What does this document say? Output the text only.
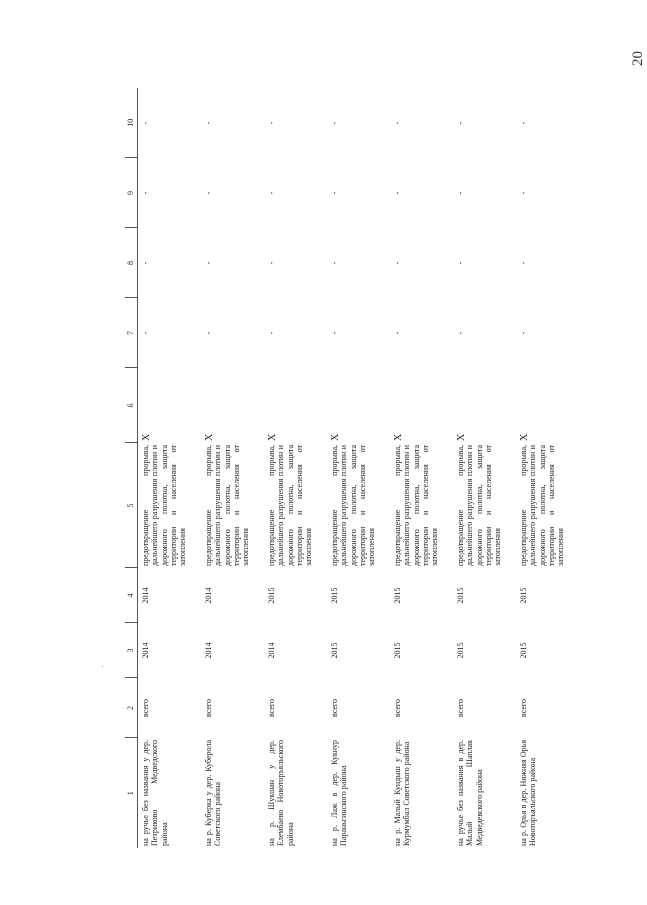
20
1	2	3	4	5	6	7	8	9	10
на ручье без названия у дер. Петриково Медведского района	всего	2014	2014	предотвращение прорыва, дальнейшего разрушения плотин и дорожного полотна, защита территории и населения от затопления	Х	-	-	-	-
на р. Куберка у дер. Куберола Советского района	всего	2014	2014	предотвращение прорыва, дальнейшего разрушения плотин и дорожного полотна, защита территории и населения от затопления	Х	-	-	-	-
на р. Шукшан у дер. Елембаево Новоторъяльского района	всего	2014	2015	предотвращение прорыва, дальнейшего разрушения плотин и дорожного полотна, защита территории и населения от затопления	Х	-	-	-	-
на р. Лаж в дер. Кукнур Параньгинского района	всего	2015	2015	предотвращение прорыва, дальнейшего разрушения плотин и дорожного полотна, защита территории и населения от затопления	Х	-	-	-	-
на р. Малый Кундыш у дер. Курмумбал Советского района	всего	2015	2015	предотвращение прорыва, дальнейшего разрушения плотин и дорожного полотна, защита территории и населения от затопления	Х	-	-	-	-
на ручье без названия в дер. Малый Шаплак Медведевского района	всего	2015	2015	предотвращение прорыва, дальнейшего разрушения плотин и дорожного полотна, защита территории и населения от затопления	Х	-	-	-	-
на р. Орья в дер. Нижняя Орья Новоторъяльского района	всего	2015	2015	предотвращение прорыва, дальнейшего разрушения плотин и дорожного полотна, защита территории и населения от затопления	Х	-	-	-	-
